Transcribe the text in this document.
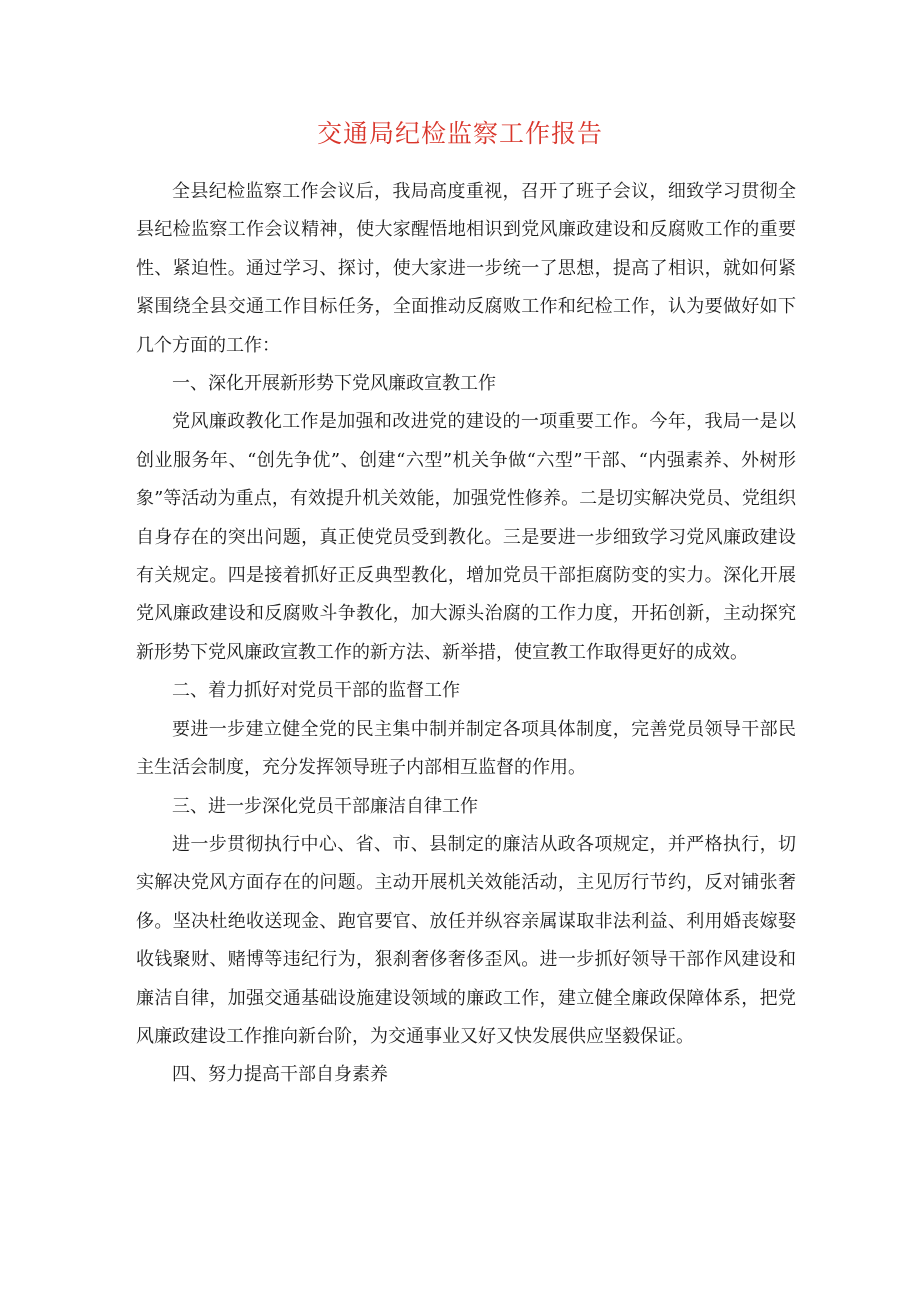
交通局纪检监察工作报告

全县纪检监察工作会议后，我局高度重视，召开了班子会议，细致学习贯彻全县纪检监察工作会议精神，使大家醒悟地相识到党风廉政建设和反腐败工作的重要性、紧迫性。通过学习、探讨，使大家进一步统一了思想，提高了相识，就如何紧紧围绕全县交通工作目标任务，全面推动反腐败工作和纪检工作，认为要做好如下几个方面的工作：

一、深化开展新形势下党风廉政宣教工作

党风廉政教化工作是加强和改进党的建设的一项重要工作。今年，我局一是以创业服务年、“创先争优”、创建“六型”机关争做“六型”干部、“内强素养、外树形象”等活动为重点，有效提升机关效能，加强党性修养。二是切实解决党员、党组织自身存在的突出问题，真正使党员受到教化。三是要进一步细致学习党风廉政建设有关规定。四是接着抓好正反典型教化，增加党员干部拒腐防变的实力。深化开展党风廉政建设和反腐败斗争教化，加大源头治腐的工作力度，开拓创新，主动探究新形势下党风廉政宣教工作的新方法、新举措，使宣教工作取得更好的成效。

二、着力抓好对党员干部的监督工作

要进一步建立健全党的民主集中制并制定各项具体制度，完善党员领导干部民主生活会制度，充分发挥领导班子内部相互监督的作用。

三、进一步深化党员干部廉洁自律工作

进一步贯彻执行中心、省、市、县制定的廉洁从政各项规定，并严格执行，切实解决党风方面存在的问题。主动开展机关效能活动，主见厉行节约，反对铺张奢侈。坚决杜绝收送现金、跑官要官、放任并纵容亲属谋取非法利益、利用婚丧嫁娶收钱聚财、赌博等违纪行为，狠刹奢侈奢侈歪风。进一步抓好领导干部作风建设和廉洁自律，加强交通基础设施建设领域的廉政工作，建立健全廉政保障体系，把党风廉政建设工作推向新台阶，为交通事业又好又快发展供应坚毅保证。

四、努力提高干部自身素养
